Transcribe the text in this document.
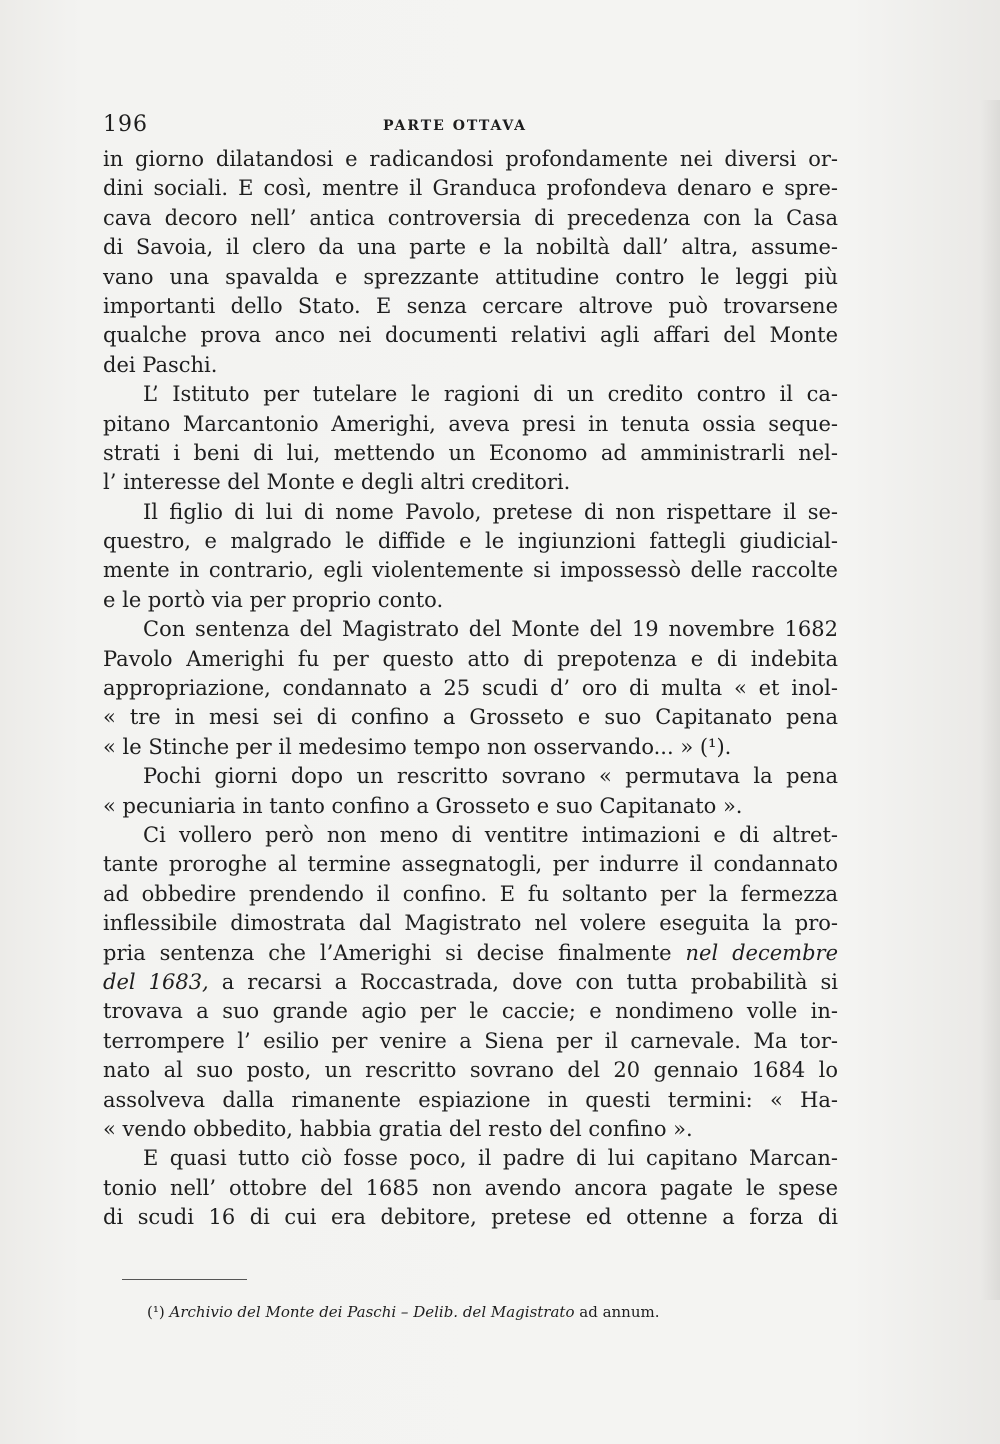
196	PARTE OTTAVA
in giorno dilatandosi e radicandosi profondamente nei diversi or-
dini sociali. E così, mentre il Granduca profondeva denaro e spre-
cava decoro nell’ antica controversia di precedenza con la Casa
di Savoia, il clero da una parte e la nobiltà dall’ altra, assume-
vano una spavalda e sprezzante attitudine contro le leggi più
importanti dello Stato. E senza cercare altrove può trovarsene
qualche prova anco nei documenti relativi agli affari del Monte
dei Paschi.
L’ Istituto per tutelare le ragioni di un credito contro il ca-
pitano Marcantonio Amerighi, aveva presi in tenuta ossia seque-
strati i beni di lui, mettendo un Economo ad amministrarli nel-
l’ interesse del Monte e degli altri creditori.
Il figlio di lui di nome Pavolo, pretese di non rispettare il se-
questro, e malgrado le diffide e le ingiunzioni fattegli giudicial-
mente in contrario, egli violentemente si impossessò delle raccolte
e le portò via per proprio conto.
Con sentenza del Magistrato del Monte del 19 novembre 1682
Pavolo Amerighi fu per questo atto di prepotenza e di indebita
appropriazione, condannato a 25 scudi d’ oro di multa « et inol-
« tre in mesi sei di confino a Grosseto e suo Capitanato pena
« le Stinche per il medesimo tempo non osservando... » (¹).
Pochi giorni dopo un rescritto sovrano « permutava la pena
« pecuniaria in tanto confino a Grosseto e suo Capitanato ».
Ci vollero però non meno di ventitre intimazioni e di altret-
tante proroghe al termine assegnatogli, per indurre il condannato
ad obbedire prendendo il confino. E fu soltanto per la fermezza
inflessibile dimostrata dal Magistrato nel volere eseguita la pro-
pria sentenza che l’Amerighi si decise finalmente nel decembre
del 1683, a recarsi a Roccastrada, dove con tutta probabilità si
trovava a suo grande agio per le caccie; e nondimeno volle in-
terrompere l’ esilio per venire a Siena per il carnevale. Ma tor-
nato al suo posto, un rescritto sovrano del 20 gennaio 1684 lo
assolveva dalla rimanente espiazione in questi termini: « Ha-
« vendo obbedito, habbia gratia del resto del confino ».
E quasi tutto ciò fosse poco, il padre di lui capitano Marcan-
tonio nell’ ottobre del 1685 non avendo ancora pagate le spese
di scudi 16 di cui era debitore, pretese ed ottenne a forza di
(¹) Archivio del Monte dei Paschi – Delib. del Magistrato ad annum.
